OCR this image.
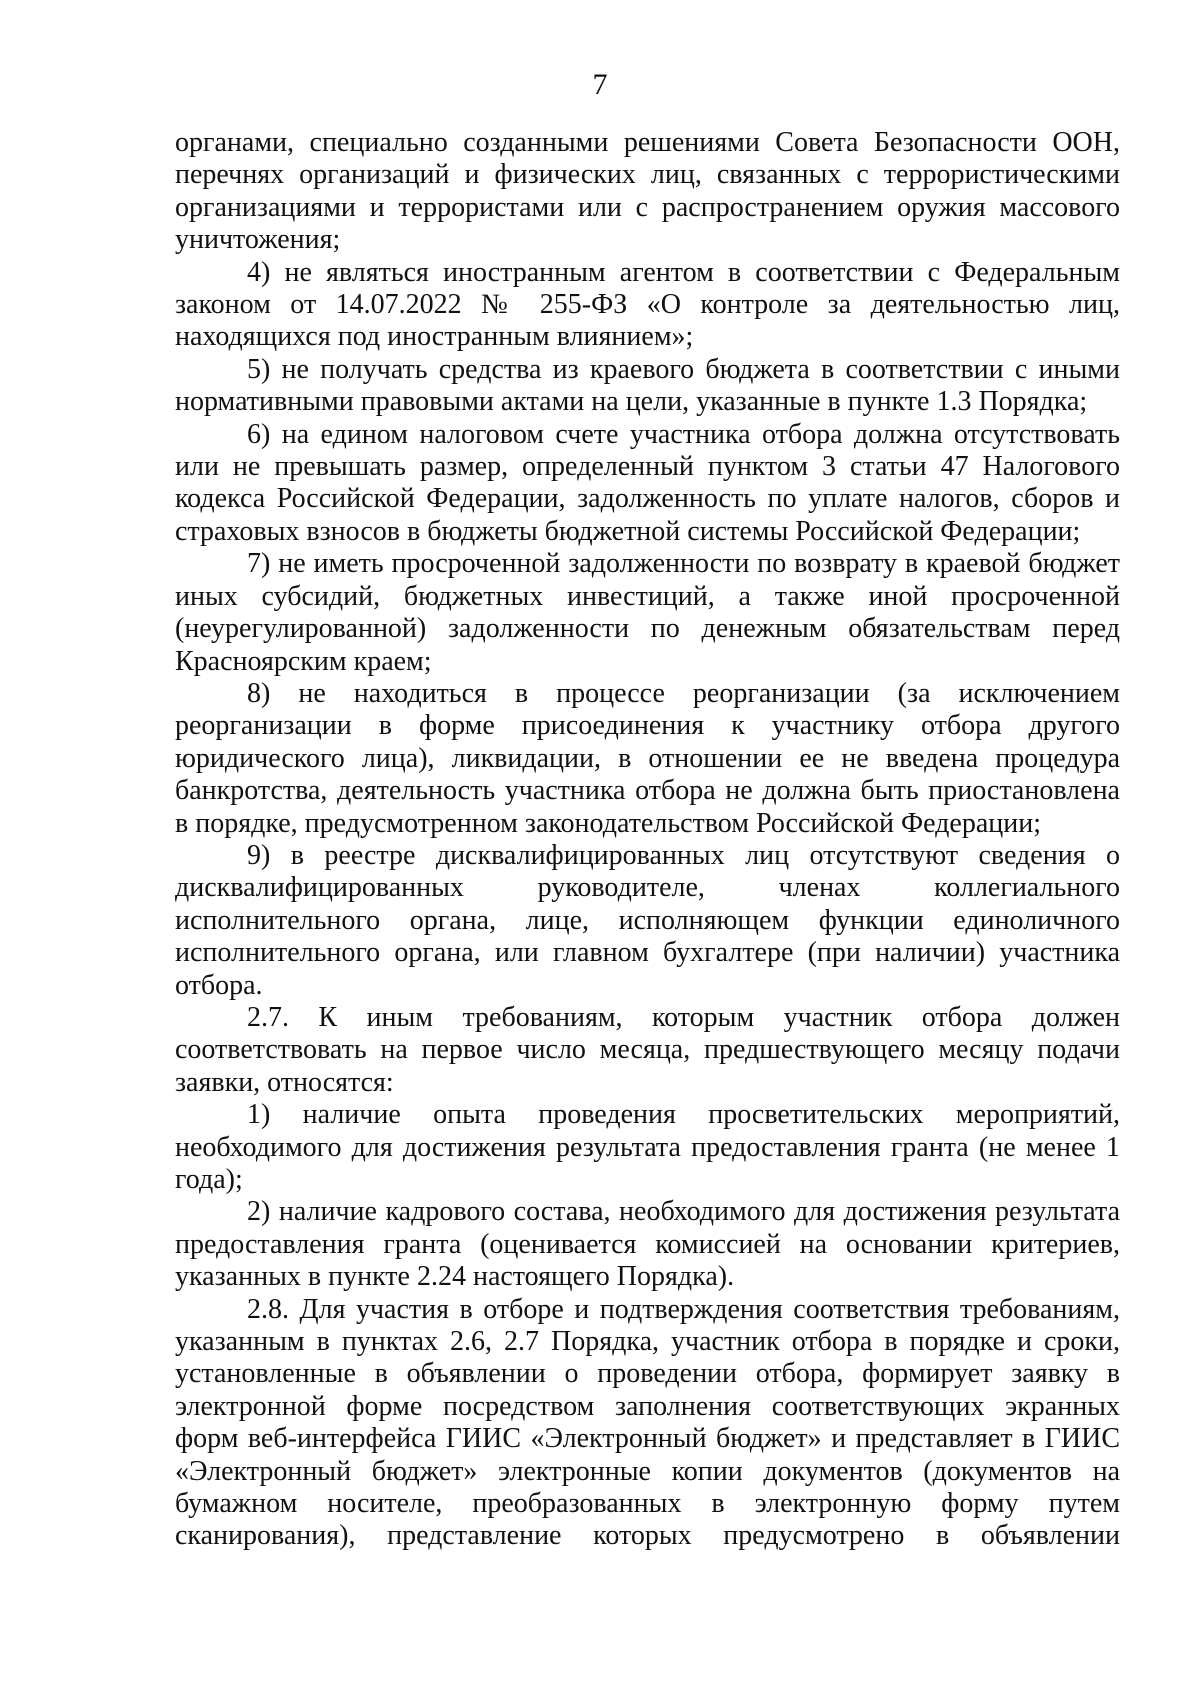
7

органами, специально созданными решениями Совета Безопасности ООН, перечнях организаций и физических лиц, связанных с террористическими организациями и террористами или с распространением оружия массового уничтожения;

4) не являться иностранным агентом в соответствии с Федеральным законом от 14.07.2022 № 255-ФЗ «О контроле за деятельностью лиц, находящихся под иностранным влиянием»;

5) не получать средства из краевого бюджета в соответствии с иными нормативными правовыми актами на цели, указанные в пункте 1.3 Порядка;

6) на едином налоговом счете участника отбора должна отсутствовать или не превышать размер, определенный пунктом 3 статьи 47 Налогового кодекса Российской Федерации, задолженность по уплате налогов, сборов и страховых взносов в бюджеты бюджетной системы Российской Федерации;

7) не иметь просроченной задолженности по возврату в краевой бюджет иных субсидий, бюджетных инвестиций, а также иной просроченной (неурегулированной) задолженности по денежным обязательствам перед Красноярским краем;

8) не находиться в процессе реорганизации (за исключением реорганизации в форме присоединения к участнику отбора другого юридического лица), ликвидации, в отношении ее не введена процедура банкротства, деятельность участника отбора не должна быть приостановлена в порядке, предусмотренном законодательством Российской Федерации;

9) в реестре дисквалифицированных лиц отсутствуют сведения о дисквалифицированных руководителе, членах коллегиального исполнительного органа, лице, исполняющем функции единоличного исполнительного органа, или главном бухгалтере (при наличии) участника отбора.

2.7. К иным требованиям, которым участник отбора должен соответствовать на первое число месяца, предшествующего месяцу подачи заявки, относятся:

1) наличие опыта проведения просветительских мероприятий, необходимого для достижения результата предоставления гранта (не менее 1 года);

2) наличие кадрового состава, необходимого для достижения результата предоставления гранта (оценивается комиссией на основании критериев, указанных в пункте 2.24 настоящего Порядка).

2.8. Для участия в отборе и подтверждения соответствия требованиям, указанным в пунктах 2.6, 2.7 Порядка, участник отбора в порядке и сроки, установленные в объявлении о проведении отбора, формирует заявку в электронной форме посредством заполнения соответствующих экранных форм веб-интерфейса ГИИС «Электронный бюджет» и представляет в ГИИС «Электронный бюджет» электронные копии документов (документов на бумажном носителе, преобразованных в электронную форму путем сканирования), представление которых предусмотрено в объявлении
